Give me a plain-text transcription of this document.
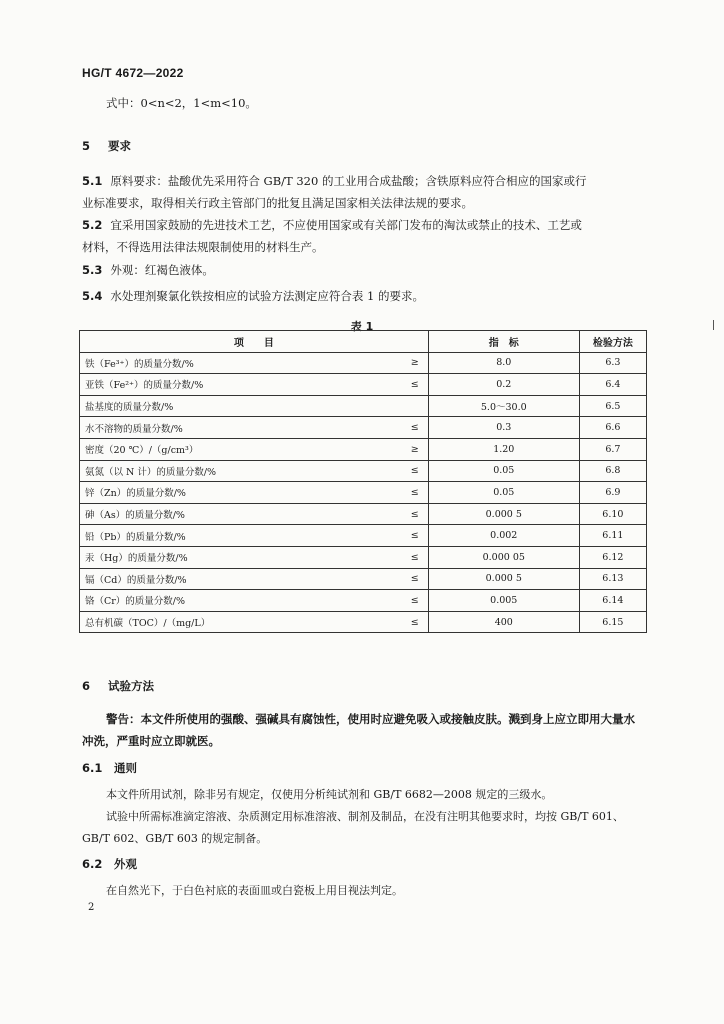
HG/T 4672—2022
式中：0<n<2，1<m<10。
5 要求
5.1 原料要求：盐酸优先采用符合 GB/T 320 的工业用合成盐酸；含铁原料应符合相应的国家或行
业标准要求，取得相关行政主管部门的批复且满足国家相关法律法规的要求。
5.2 宜采用国家鼓励的先进技术工艺，不应使用国家或有关部门发布的淘汰或禁止的技术、工艺或
材料，不得选用法律法规限制使用的材料生产。
5.3 外观：红褐色液体。
5.4 水处理剂聚氯化铁按相应的试验方法测定应符合表 1 的要求。
表 1
项　　目		指　标	检验方法
铁（Fe³⁺）的质量分数/%	≥	8.0	6.3
亚铁（Fe²⁺）的质量分数/%	≤	0.2	6.4
盐基度的质量分数/%		5.0～30.0	6.5
水不溶物的质量分数/%	≤	0.3	6.6
密度（20 ℃）/（g/cm³）	≥	1.20	6.7
氨氮（以 N 计）的质量分数/%	≤	0.05	6.8
锌（Zn）的质量分数/%	≤	0.05	6.9
砷（As）的质量分数/%	≤	0.000 5	6.10
铅（Pb）的质量分数/%	≤	0.002	6.11
汞（Hg）的质量分数/%	≤	0.000 05	6.12
镉（Cd）的质量分数/%	≤	0.000 5	6.13
铬（Cr）的质量分数/%	≤	0.005	6.14
总有机碳（TOC）/（mg/L）	≤	400	6.15
6 试验方法
警告：本文件所使用的强酸、强碱具有腐蚀性，使用时应避免吸入或接触皮肤。溅到身上应立即用大量水冲洗，严重时应立即就医。
6.1 通则
本文件所用试剂，除非另有规定，仅使用分析纯试剂和 GB/T 6682—2008 规定的三级水。
试验中所需标准滴定溶液、杂质测定用标准溶液、制剂及制品，在没有注明其他要求时，均按 GB/T 601、GB/T 602、GB/T 603 的规定制备。
6.2 外观
在自然光下，于白色衬底的表面皿或白瓷板上用目视法判定。
2
